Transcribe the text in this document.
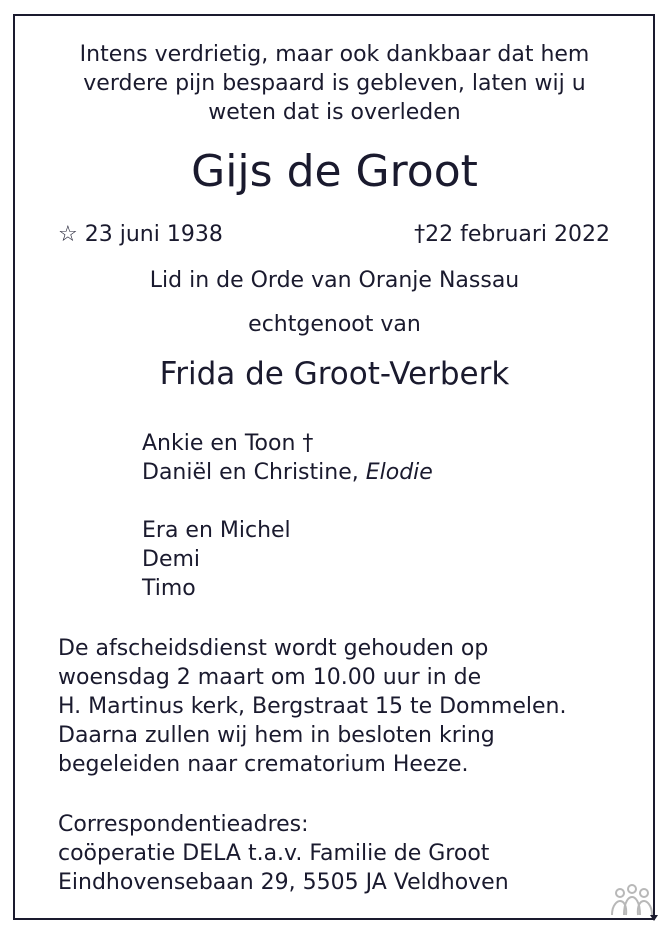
Intens verdrietig, maar ook dankbaar dat hem
verdere pijn bespaard is gebleven, laten wij u
weten dat is overleden
Gijs de Groot
☆ 23 juni 1938	†22 februari 2022
Lid in de Orde van Oranje Nassau
echtgenoot van
Frida de Groot-Verberk
Ankie en Toon †
Daniël en Christine, Elodie
Era en Michel
Demi
Timo
De afscheidsdienst wordt gehouden op
woensdag 2 maart om 10.00 uur in de
H. Martinus kerk, Bergstraat 15 te Dommelen.
Daarna zullen wij hem in besloten kring
begeleiden naar crematorium Heeze.
Correspondentieadres:
coöperatie DELA t.a.v. Familie de Groot
Eindhovensebaan 29, 5505 JA Veldhoven
